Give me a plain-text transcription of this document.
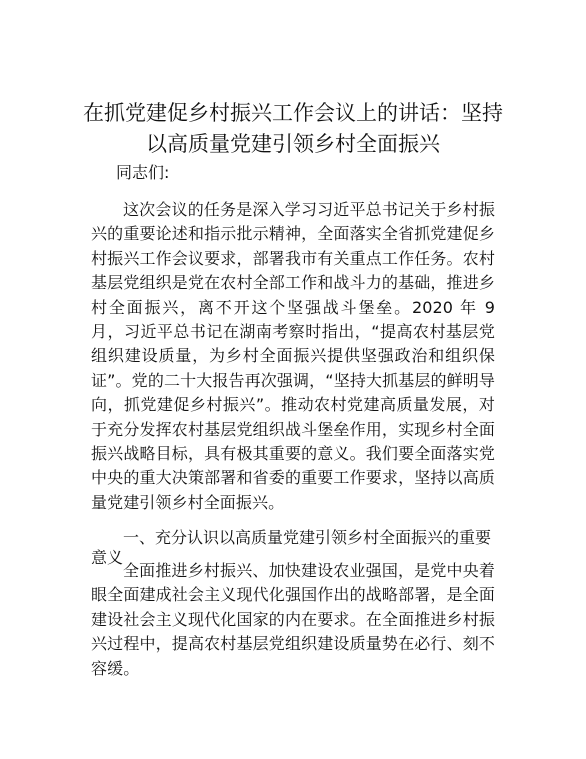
在抓党建促乡村振兴工作会议上的讲话：坚持
以高质量党建引领乡村全面振兴

同志们:

这次会议的任务是深入学习习近平总书记关于乡村振兴的重要论述和指示批示精神，全面落实全省抓党建促乡村振兴工作会议要求，部署我市有关重点工作任务。农村基层党组织是党在农村全部工作和战斗力的基础，推进乡村全面振兴，离不开这个坚强战斗堡垒。2020 年 9 月，习近平总书记在湖南考察时指出，“提高农村基层党组织建设质量，为乡村全面振兴提供坚强政治和组织保证”。党的二十大报告再次强调，“坚持大抓基层的鲜明导向，抓党建促乡村振兴”。推动农村党建高质量发展，对于充分发挥农村基层党组织战斗堡垒作用，实现乡村全面振兴战略目标，具有极其重要的意义。我们要全面落实党中央的重大决策部署和省委的重要工作要求，坚持以高质量党建引领乡村全面振兴。

一、充分认识以高质量党建引领乡村全面振兴的重要意义

全面推进乡村振兴、加快建设农业强国，是党中央着眼全面建成社会主义现代化强国作出的战略部署，是全面建设社会主义现代化国家的内在要求。在全面推进乡村振兴过程中，提高农村基层党组织建设质量势在必行、刻不容缓。
